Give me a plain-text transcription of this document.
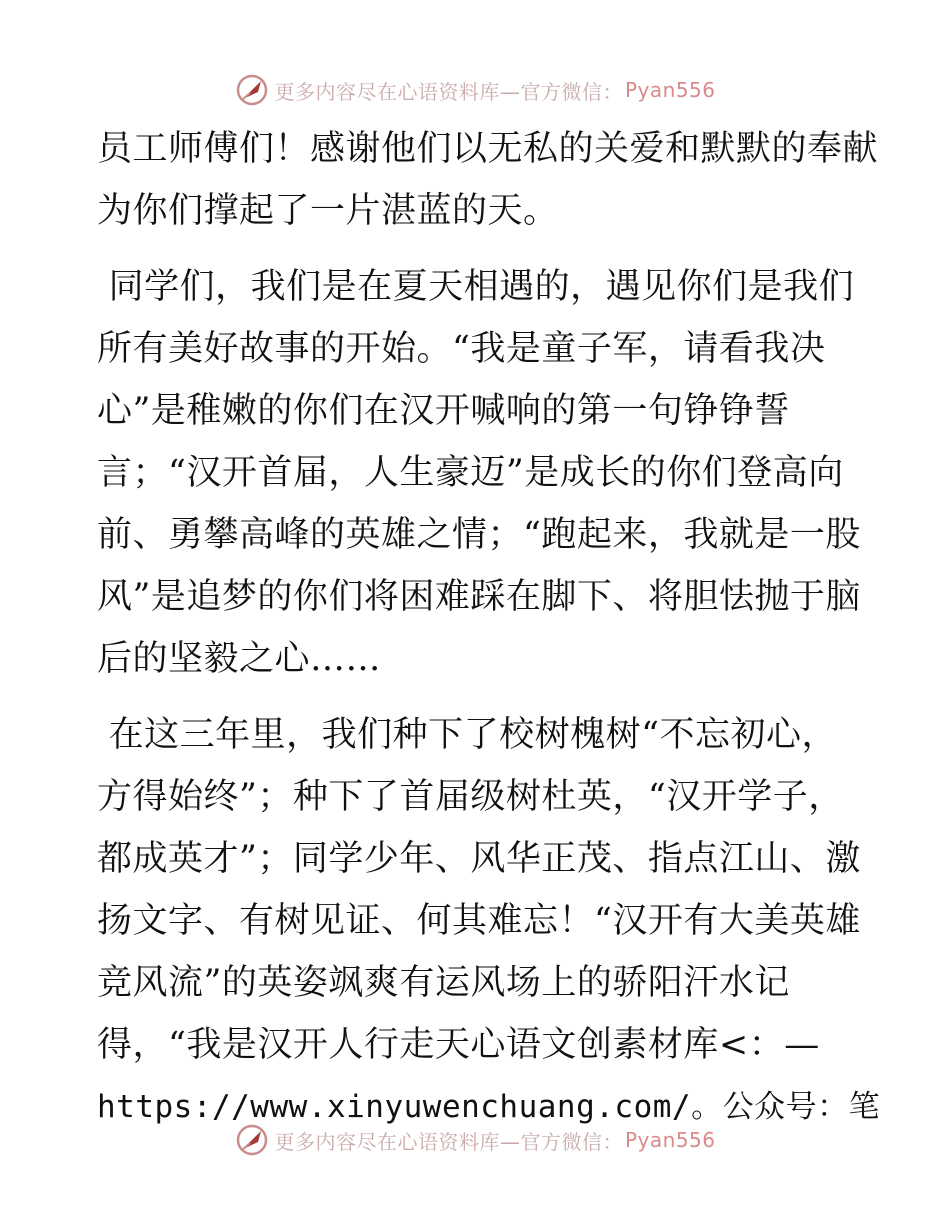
更多内容尽在心语资料库—官方微信： Pyan556
员工师傅们！感谢他们以无私的关爱和默默的奉献
为你们撑起了一片湛蓝的天。
同学们，我们是在夏天相遇的，遇见你们是我们
所有美好故事的开始。“我是童子军，请看我决
心”是稚嫩的你们在汉开喊响的第一句铮铮誓
言；“汉开首届，人生豪迈”是成长的你们登高向
前、勇攀高峰的英雄之情；“跑起来，我就是一股
风”是追梦的你们将困难踩在脚下、将胆怯抛于脑
后的坚毅之心……
在这三年里，我们种下了校树槐树“不忘初心，
方得始终”；种下了首届级树杜英，“汉开学子，
都成英才”；同学少年、风华正茂、指点江山、激
扬文字、有树见证、何其难忘！“汉开有大美英雄
竞风流”的英姿飒爽有运风场上的骄阳汗水记
得，“我是汉开人行走天心语文创素材库<：—
https://www.xinyuwenchuang.com/。公众号：笔
更多内容尽在心语资料库—官方微信： Pyan556
